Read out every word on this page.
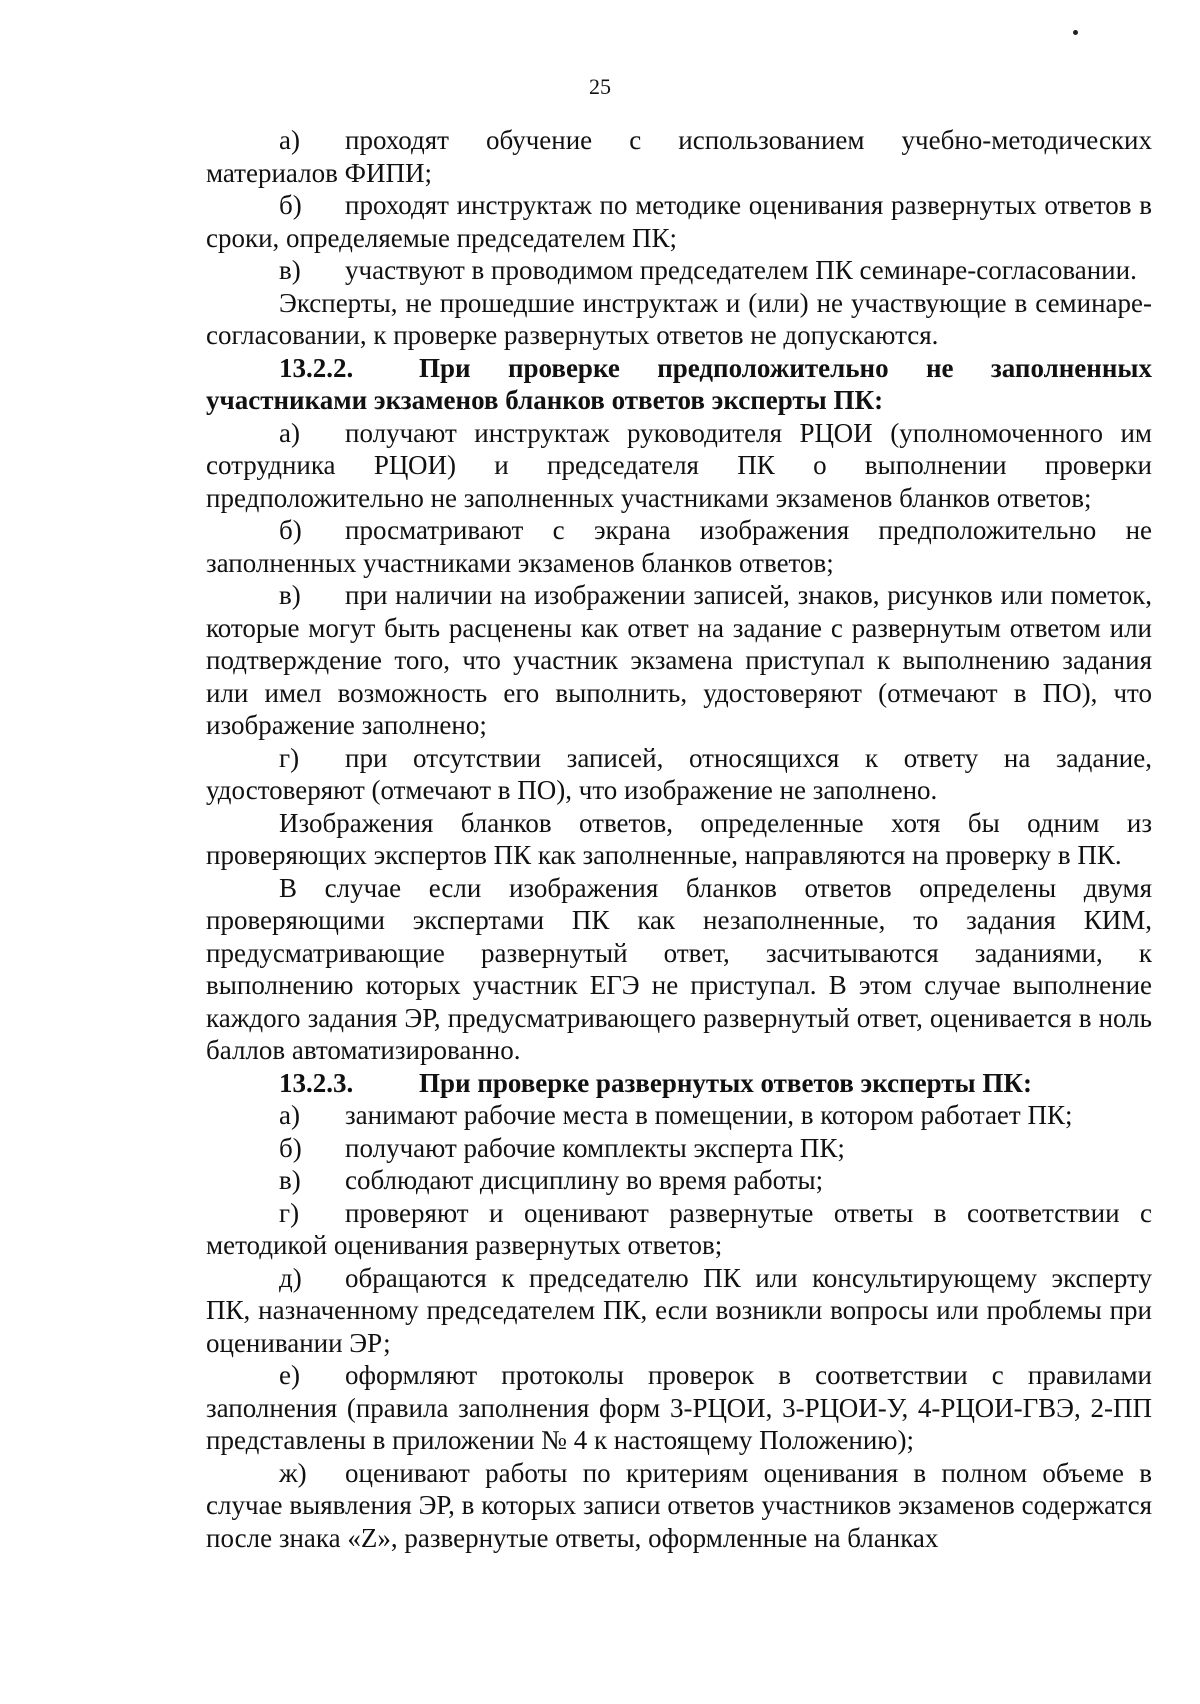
25

а) проходят обучение с использованием учебно-методических материалов ФИПИ;

б) проходят инструктаж по методике оценивания развернутых ответов в сроки, определяемые председателем ПК;

в) участвуют в проводимом председателем ПК семинаре-согласовании.

Эксперты, не прошедшие инструктаж и (или) не участвующие в семинаре-согласовании, к проверке развернутых ответов не допускаются.

13.2.2. При проверке предположительно не заполненных участниками экзаменов бланков ответов эксперты ПК:

а) получают инструктаж руководителя РЦОИ (уполномоченного им сотрудника РЦОИ) и председателя ПК о выполнении проверки предположительно не заполненных участниками экзаменов бланков ответов;

б) просматривают с экрана изображения предположительно не заполненных участниками экзаменов бланков ответов;

в) при наличии на изображении записей, знаков, рисунков или пометок, которые могут быть расценены как ответ на задание с развернутым ответом или подтверждение того, что участник экзамена приступал к выполнению задания или имел возможность его выполнить, удостоверяют (отмечают в ПО), что изображение заполнено;

г) при отсутствии записей, относящихся к ответу на задание, удостоверяют (отмечают в ПО), что изображение не заполнено.

Изображения бланков ответов, определенные хотя бы одним из проверяющих экспертов ПК как заполненные, направляются на проверку в ПК.

В случае если изображения бланков ответов определены двумя проверяющими экспертами ПК как незаполненные, то задания КИМ, предусматривающие развернутый ответ, засчитываются заданиями, к выполнению которых участник ЕГЭ не приступал. В этом случае выполнение каждого задания ЭР, предусматривающего развернутый ответ, оценивается в ноль баллов автоматизированно.

13.2.3. При проверке развернутых ответов эксперты ПК:

а) занимают рабочие места в помещении, в котором работает ПК;

б) получают рабочие комплекты эксперта ПК;

в) соблюдают дисциплину во время работы;

г) проверяют и оценивают развернутые ответы в соответствии с методикой оценивания развернутых ответов;

д) обращаются к председателю ПК или консультирующему эксперту ПК, назначенному председателем ПК, если возникли вопросы или проблемы при оценивании ЭР;

е) оформляют протоколы проверок в соответствии с правилами заполнения (правила заполнения форм 3-РЦОИ, 3-РЦОИ-У, 4-РЦОИ-ГВЭ, 2-ПП представлены в приложении № 4 к настоящему Положению);

ж) оценивают работы по критериям оценивания в полном объеме в случае выявления ЭР, в которых записи ответов участников экзаменов содержатся после знака «Z», развернутые ответы, оформленные на бланках
